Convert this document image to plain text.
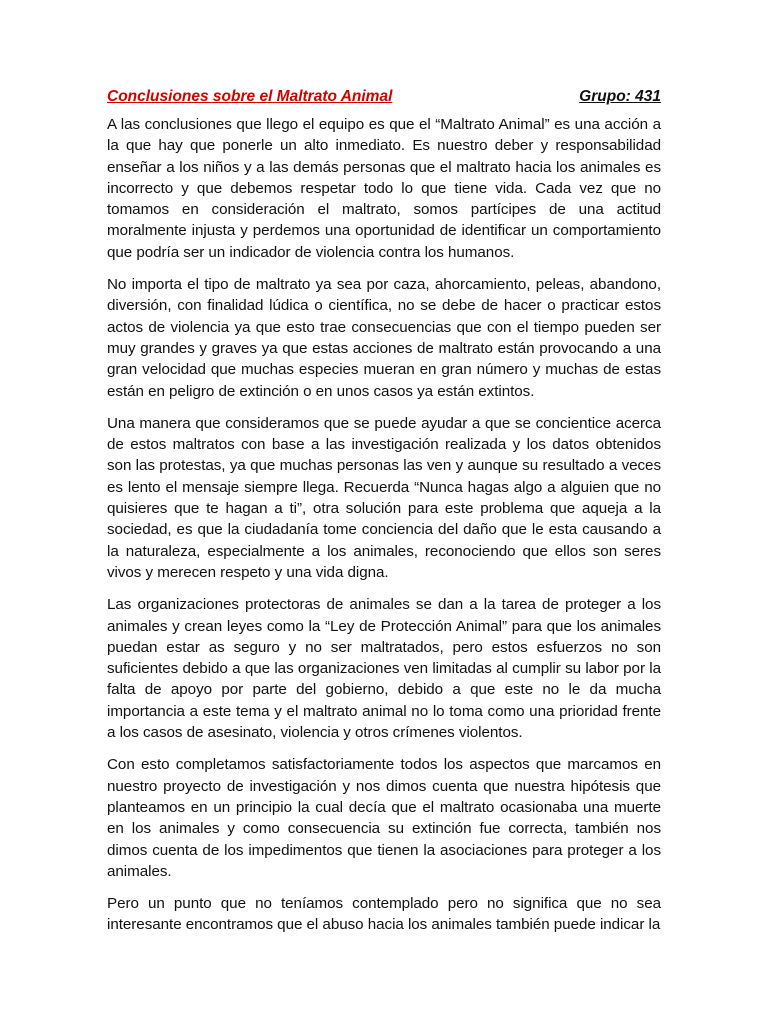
Conclusiones sobre el Maltrato Animal	Grupo: 431

A las conclusiones que llego el equipo es que el “Maltrato Animal” es una acción a la que hay que ponerle un alto inmediato. Es nuestro deber y responsabilidad enseñar a los niños y a las demás personas que el maltrato hacia los animales es incorrecto y que debemos respetar todo lo que tiene vida. Cada vez que no tomamos en consideración el maltrato, somos partícipes de una actitud moralmente injusta y perdemos una oportunidad de identificar un comportamiento que podría ser un indicador de violencia contra los humanos.

No importa el tipo de maltrato ya sea por caza, ahorcamiento, peleas, abandono, diversión, con finalidad lúdica o científica, no se debe de hacer o practicar estos actos de violencia ya que esto trae consecuencias que con el tiempo pueden ser muy grandes y graves ya que estas acciones de maltrato están provocando a una gran velocidad que muchas especies mueran en gran número y muchas de estas están en peligro de extinción o en unos casos ya están extintos.

Una manera que consideramos que se puede ayudar a que se concientice acerca de estos maltratos con base a las investigación realizada y los datos obtenidos son las protestas, ya que muchas personas las ven y aunque su resultado a veces es lento el mensaje siempre llega. Recuerda “Nunca hagas algo a alguien que no quisieres que te hagan a ti”, otra solución para este problema que aqueja a la sociedad, es que la ciudadanía tome conciencia del daño que le esta causando a la naturaleza, especialmente a los animales, reconociendo que ellos son seres vivos y merecen respeto y una vida digna.

Las organizaciones protectoras de animales se dan a la tarea de proteger a los animales y crean leyes como la “Ley de Protección Animal” para que los animales puedan estar as seguro y no ser maltratados, pero estos esfuerzos no son suficientes debido a que las organizaciones ven limitadas al cumplir su labor por la falta de apoyo por parte del gobierno, debido a que este no le da mucha importancia a este tema y el maltrato animal no lo toma como una prioridad frente a los casos de asesinato, violencia y otros crímenes violentos.

Con esto completamos satisfactoriamente todos los aspectos que marcamos en nuestro proyecto de investigación y nos dimos cuenta que nuestra hipótesis que planteamos en un principio la cual decía que el maltrato ocasionaba una muerte en los animales y como consecuencia su extinción fue correcta, también nos dimos cuenta de los impedimentos que tienen la asociaciones para proteger a los animales.

Pero un punto que no teníamos contemplado pero no significa que no sea interesante encontramos que el abuso hacia los animales también puede indicar la
